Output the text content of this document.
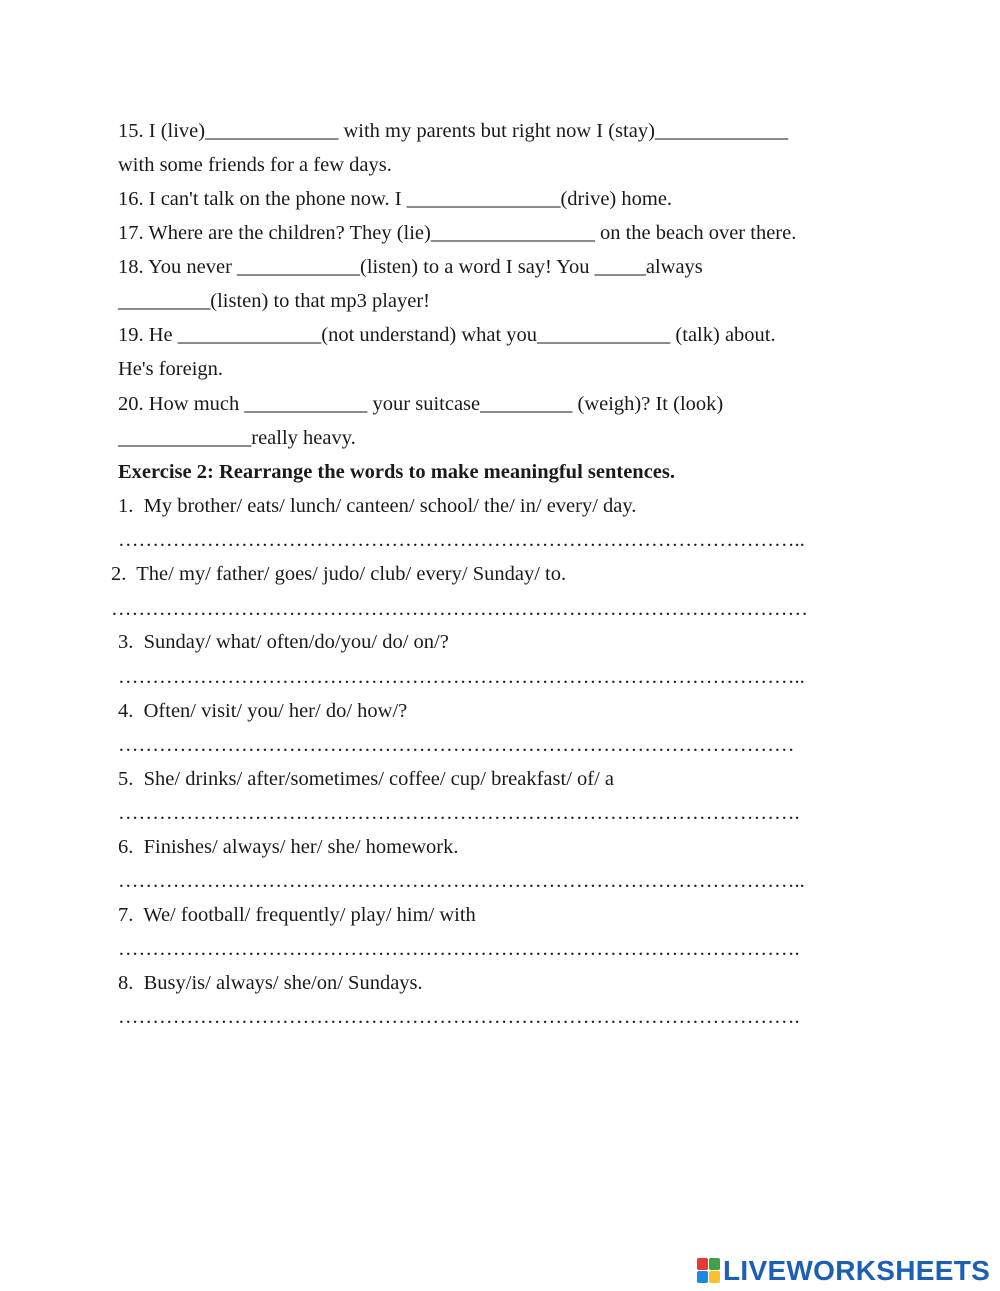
15. I (live)_____________ with my parents but right now I (stay)_____________
with some friends for a few days.
16. I can't talk on the phone now. I _______________(drive) home.
17. Where are the children? They (lie)________________ on the beach over there.
18. You never ____________(listen) to a word I say! You _____always
_________(listen) to that mp3 player!
19. He ______________(not understand) what you_____________ (talk) about.
He's foreign.
20. How much ____________ your suitcase_________ (weigh)? It (look)
_____________really heavy.
Exercise 2: Rearrange the words to make meaningful sentences.
1.  My brother/ eats/ lunch/ canteen/ school/ the/ in/ every/ day.
………………………………………………………………………………………..
2.  The/ my/ father/ goes/ judo/ club/ every/ Sunday/ to.
…………………………………………………………………………………………
3.  Sunday/ what/ often/do/you/ do/ on/?
………………………………………………………………………………………..
4.  Often/ visit/ you/ her/ do/ how/?
………………………………………………………………………………………
5.  She/ drinks/ after/sometimes/ coffee/ cup/ breakfast/ of/ a
……………………………………………………………………………………….
6.  Finishes/ always/ her/ she/ homework.
………………………………………………………………………………………..
7.  We/ football/ frequently/ play/ him/ with
……………………………………………………………………………………….
8.  Busy/is/ always/ she/on/ Sundays.
……………………………………………………………………………………….
LIVEWORKSHEETS
